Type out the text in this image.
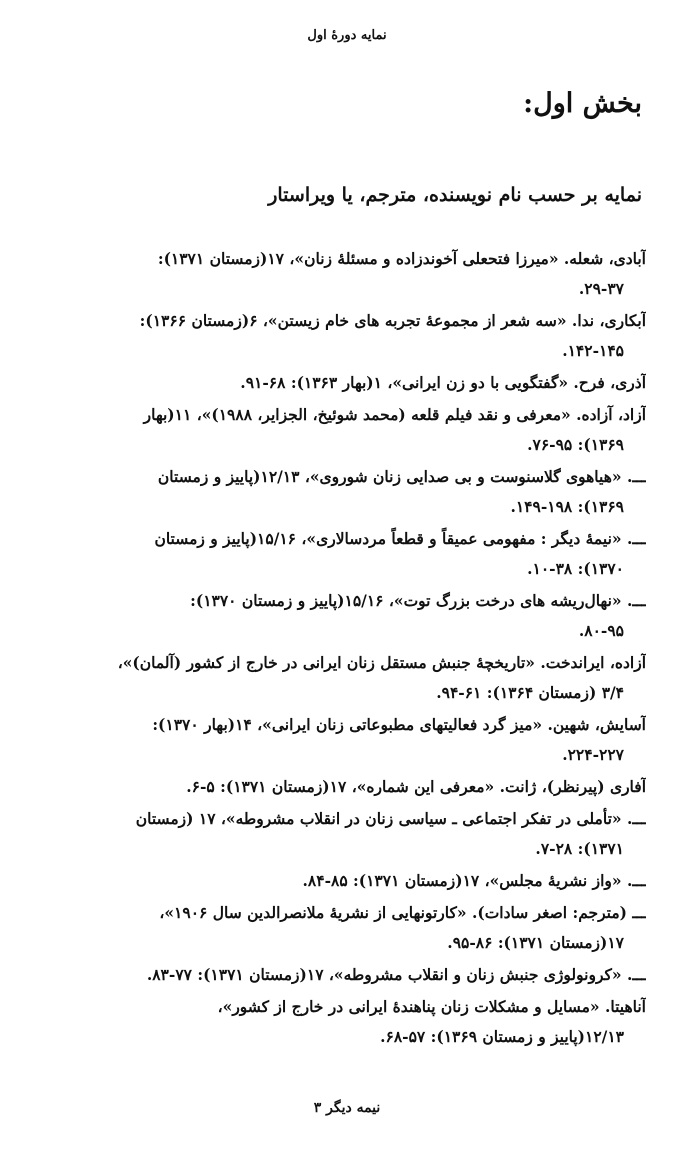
نمایه دورهٔ اول
بخش اول:
نمایه بر حسب نام نویسنده، مترجم، یا ویراستار
آبادی، شعله. «میرزا فتحعلی آخوندزاده و مسئلهٔ زنان»، ۱۷(زمستان ۱۳۷۱):
۲۹-۳۷.
آبکاری، ندا. «سه شعر از مجموعهٔ تجربه های خام زیستن»، ۶(زمستان ۱۳۶۶):
۱۴۲-۱۴۵.
آذری، فرح. «گفتگویی با دو زن ایرانی»، ۱(بهار ۱۳۶۳): ۶۸-۹۱.
آزاد، آزاده. «معرفی و نقد فیلم قلعه (محمد شوئیخ، الجزایر، ۱۹۸۸)»، ۱۱(بهار
۱۳۶۹): ۷۶-۹۵.
ـــ. «هیاهوی گلاسنوست و بی صدایی زنان شوروی»، ۱۲/۱۳(پاییز و زمستان
۱۳۶۹): ۱۴۹-۱۹۸.
ـــ. «نیمهٔ دیگر : مفهومی عمیقاً و قطعاً مردسالاری»، ۱۵/۱۶(پاییز و زمستان
۱۳۷۰): ۱۰-۳۸.
ـــ. «نهال‌ریشه های درخت بزرگ توت»، ۱۵/۱۶(پاییز و زمستان ۱۳۷۰):
۸۰-۹۵.
آزاده، ایراندخت. «تاریخچهٔ جنبش مستقل زنان ایرانی در خارج از کشور (آلمان)»،
۳/۴ (زمستان ۱۳۶۴): ۶۱-۹۴.
آسایش، شهین. «میز گرد فعالیتهای مطبوعاتی زنان ایرانی»، ۱۴(بهار ۱۳۷۰):
۲۲۴-۲۲۷.
آفاری (پیرنظر)، ژانت. «معرفی این شماره»، ۱۷(زمستان ۱۳۷۱): ۵-۶.
ـــ. «تأملی در تفکر اجتماعی ـ سیاسی زنان در انقلاب مشروطه»، ۱۷ (زمستان
۱۳۷۱): ۷-۲۸.
ـــ. «واز نشریهٔ مجلس»، ۱۷(زمستان ۱۳۷۱): ۸۵-۸۴.
ـــ (مترجم: اصغر سادات). «کارتونهایی از نشریهٔ ملانصرالدین سال ۱۹۰۶»،
۱۷(زمستان ۱۳۷۱): ۸۶-۹۵.
ـــ. «کرونولوژی جنبش زنان و انقلاب مشروطه»، ۱۷(زمستان ۱۳۷۱): ۷۷-۸۳.
آناهیتا. «مسایل و مشکلات زنان پناهندهٔ ایرانی در خارج از کشور»،
۱۲/۱۳(پاییز و زمستان ۱۳۶۹): ۵۷-۶۸.
نیمه دیگر ۳
